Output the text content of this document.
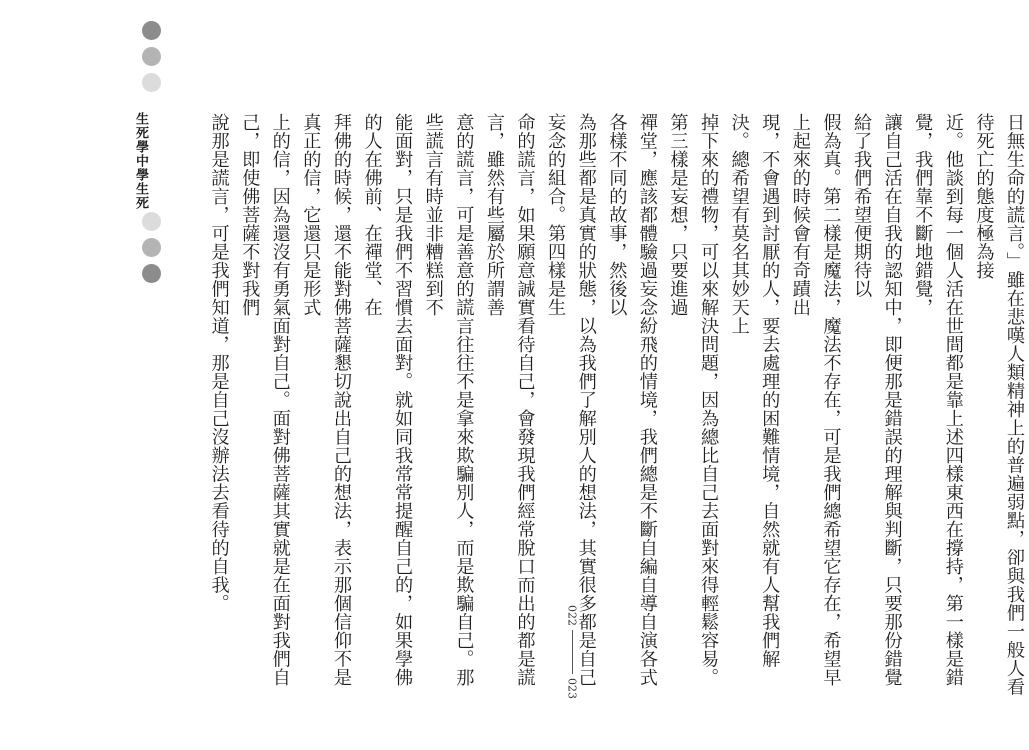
生死學中學生死	日無生命的謊言。」雖在悲嘆人類精神上的普遍弱點，卻與我們一般人看待死亡的態度極為接

近。他談到每一個人活在世間都是靠上述四樣東西在撐持，第一樣是錯覺，我們靠不斷地錯覺，

讓自己活在自我的認知中，即便那是錯誤的理解與判斷，只要那份錯覺給了我們希望便期待以

假為真。第二樣是魔法，魔法不存在，可是我們總希望它存在，希望早上起來的時候會有奇蹟出

現，不會遇到討厭的人，要去處理的困難情境，自然就有人幫我們解決。總希望有莫名其妙天上

掉下來的禮物，可以來解決問題，因為總比自己去面對來得輕鬆容易。第三樣是妄想，只要進過

禪堂，應該都體驗過妄念紛飛的情境，我們總是不斷自編自導自演各式各樣不同的故事，然後以

為那些都是真實的狀態，以為我們了解別人的想法，其實很多都是自己妄念的組合。第四樣是生

命的謊言，如果願意誠實看待自己，會發現我們經常脫口而出的都是謊言，雖然有些屬於所謂善

意的謊言，可是善意的謊言往往不是拿來欺騙別人，而是欺騙自己。那些謊言有時並非糟糕到不

能面對，只是我們不習慣去面對。就如同我常常提醒自己的，如果學佛的人在佛前、在禪堂、在

拜佛的時候，還不能對佛菩薩懇切說出自己的想法，表示那個信仰不是真正的信，它還只是形式

上的信，因為還沒有勇氣面對自己。面對佛菩薩其實就是在面對我們自己，即使佛菩薩不對我們

說那是謊言，可是我們知道，那是自己沒辦法去看待的自我。

022
023
